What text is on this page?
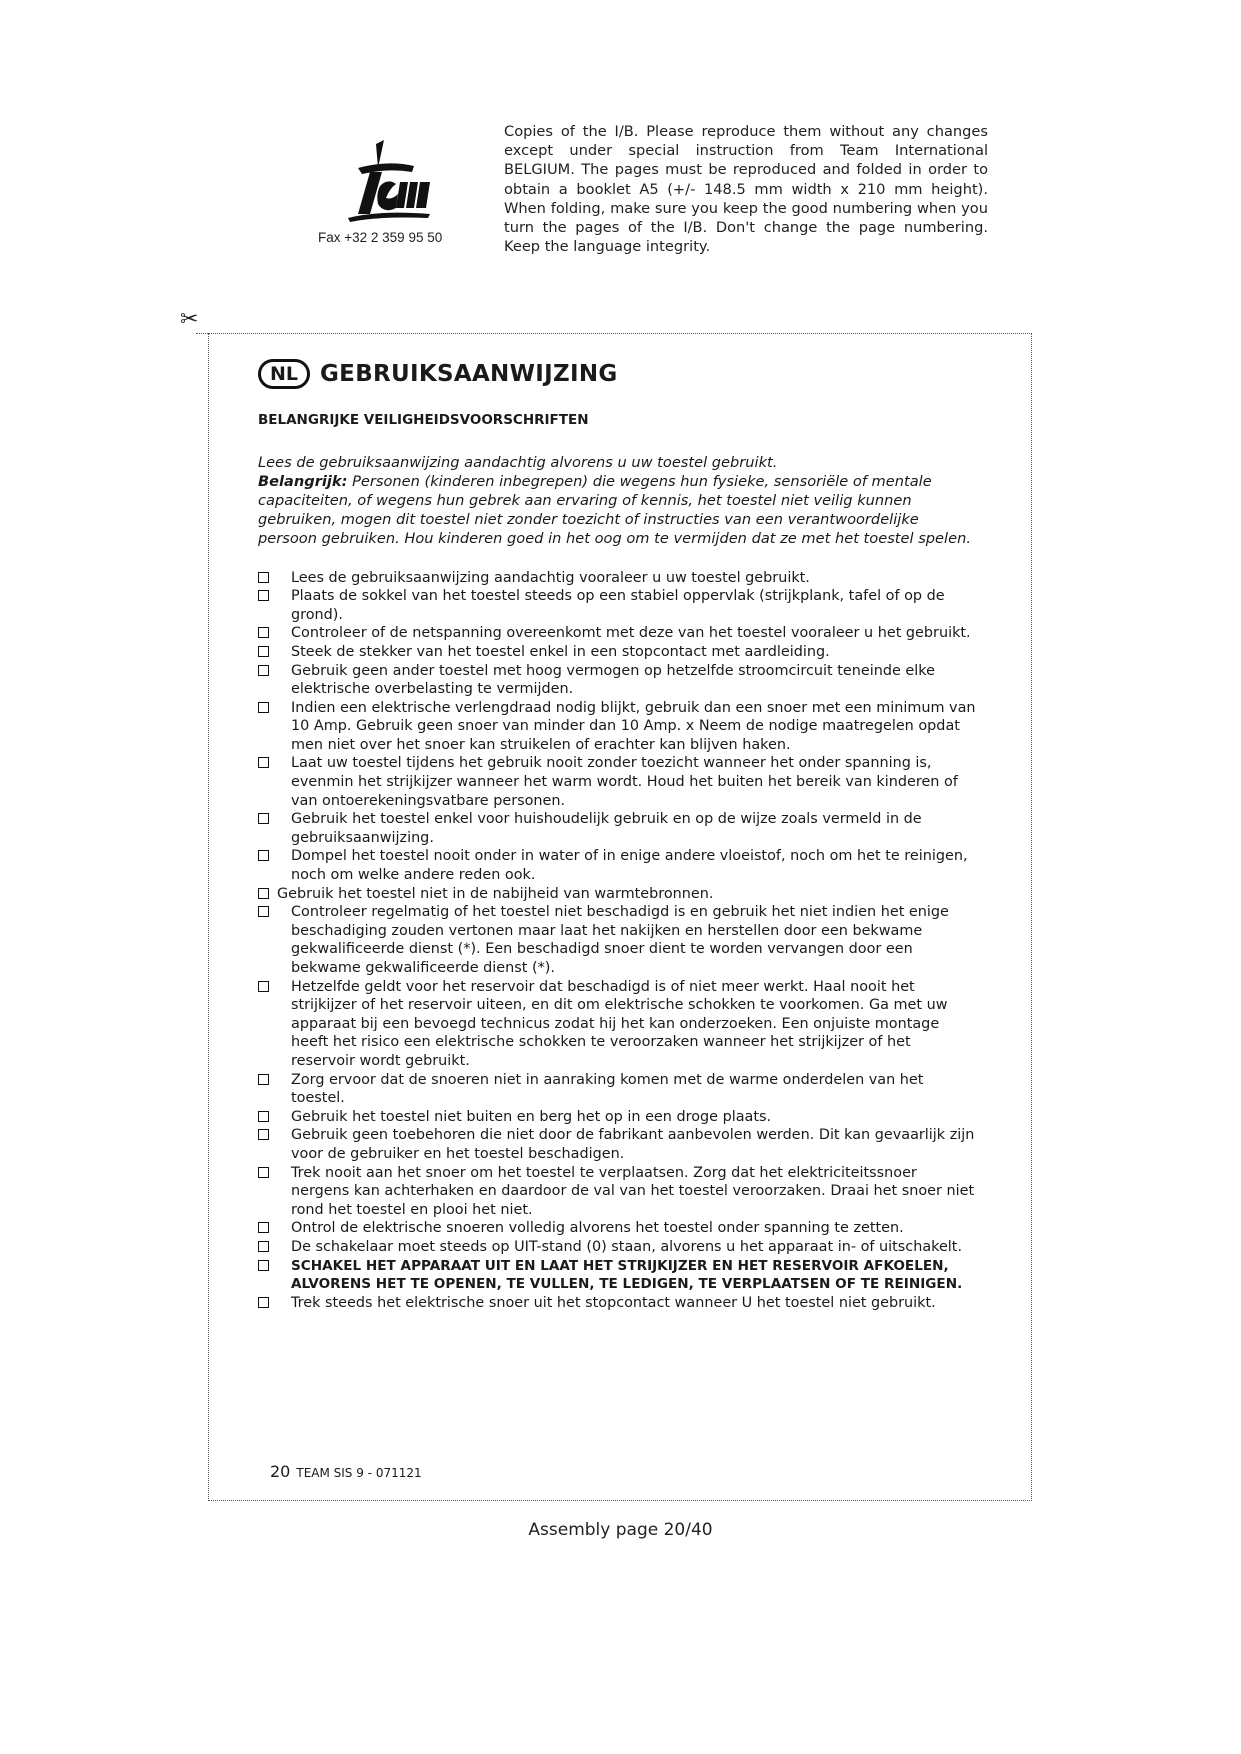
Fax +32 2 359 95 50
Copies of the I/B. Please reproduce them without any changes except under special instruction from Team International BELGIUM. The pages must be reproduced and folded in order to obtain a booklet A5 (+/- 148.5 mm width x 210 mm height). When folding, make sure you keep the good numbering when you turn the pages of the I/B. Don't change the page numbering. Keep the language integrity.
✂
NL GEBRUIKSAANWIJZING
BELANGRIJKE VEILIGHEIDSVOORSCHRIFTEN
Lees de gebruiksaanwijzing aandachtig alvorens u uw toestel gebruikt.
Belangrijk: Personen (kinderen inbegrepen) die wegens hun fysieke, sensoriële of mentale capaciteiten, of wegens hun gebrek aan ervaring of kennis, het toestel niet veilig kunnen gebruiken, mogen dit toestel niet zonder toezicht of instructies van een verantwoordelijke persoon gebruiken. Hou kinderen goed in het oog om te vermijden dat ze met het toestel spelen.
Lees de gebruiksaanwijzing aandachtig vooraleer u uw toestel gebruikt.
Plaats de sokkel van het toestel steeds op een stabiel oppervlak (strijkplank, tafel of op de grond).
Controleer of de netspanning overeenkomt met deze van het toestel vooraleer u het gebruikt.
Steek de stekker van het toestel enkel in een stopcontact met aardleiding.
Gebruik geen ander toestel met hoog vermogen op hetzelfde stroomcircuit teneinde elke elektrische overbelasting te vermijden.
Indien een elektrische verlengdraad nodig blijkt, gebruik dan een snoer met een minimum van 10 Amp. Gebruik geen snoer van minder dan 10 Amp. x Neem de nodige maatregelen opdat men niet over het snoer kan struikelen of erachter kan blijven haken.
Laat uw toestel tijdens het gebruik nooit zonder toezicht wanneer het onder spanning is, evenmin het strijkijzer wanneer het warm wordt. Houd het buiten het bereik van kinderen of van ontoerekeningsvatbare personen.
Gebruik het toestel enkel voor huishoudelijk gebruik en op de wijze zoals vermeld in de gebruiksaanwijzing.
Dompel het toestel nooit onder in water of in enige andere vloeistof, noch om het te reinigen, noch om welke andere reden ook.
Gebruik het toestel niet in de nabijheid van warmtebronnen.
Controleer regelmatig of het toestel niet beschadigd is en gebruik het niet indien het enige beschadiging zouden vertonen maar laat het nakijken en herstellen door een bekwame gekwalificeerde dienst (*). Een beschadigd snoer dient te worden vervangen door een bekwame gekwalificeerde dienst (*).
Hetzelfde geldt voor het reservoir dat beschadigd is of niet meer werkt. Haal nooit het strijkijzer of het reservoir uiteen, en dit om elektrische schokken te voorkomen. Ga met uw apparaat bij een bevoegd technicus zodat hij het kan onderzoeken. Een onjuiste montage heeft het risico een elektrische schokken te veroorzaken wanneer het strijkijzer of het reservoir wordt gebruikt.
Zorg ervoor dat de snoeren niet in aanraking komen met de warme onderdelen van het toestel.
Gebruik het toestel niet buiten en berg het op in een droge plaats.
Gebruik geen toebehoren die niet door de fabrikant aanbevolen werden. Dit kan gevaarlijk zijn voor de gebruiker en het toestel beschadigen.
Trek nooit aan het snoer om het toestel te verplaatsen. Zorg dat het elektriciteitssnoer nergens kan achterhaken en daardoor de val van het toestel veroorzaken. Draai het snoer niet rond het toestel en plooi het niet.
Ontrol de elektrische snoeren volledig alvorens het toestel onder spanning te zetten.
De schakelaar moet steeds op UIT-stand (0) staan, alvorens u het apparaat in- of uitschakelt.
SCHAKEL HET APPARAAT UIT EN LAAT HET STRIJKIJZER EN HET RESERVOIR AFKOELEN, ALVORENS HET TE OPENEN, TE VULLEN, TE LEDIGEN, TE VERPLAATSEN OF TE REINIGEN.
Trek steeds het elektrische snoer uit het stopcontact wanneer U het toestel niet gebruikt.
20 TEAM SIS 9 - 071121
Assembly page 20/40
